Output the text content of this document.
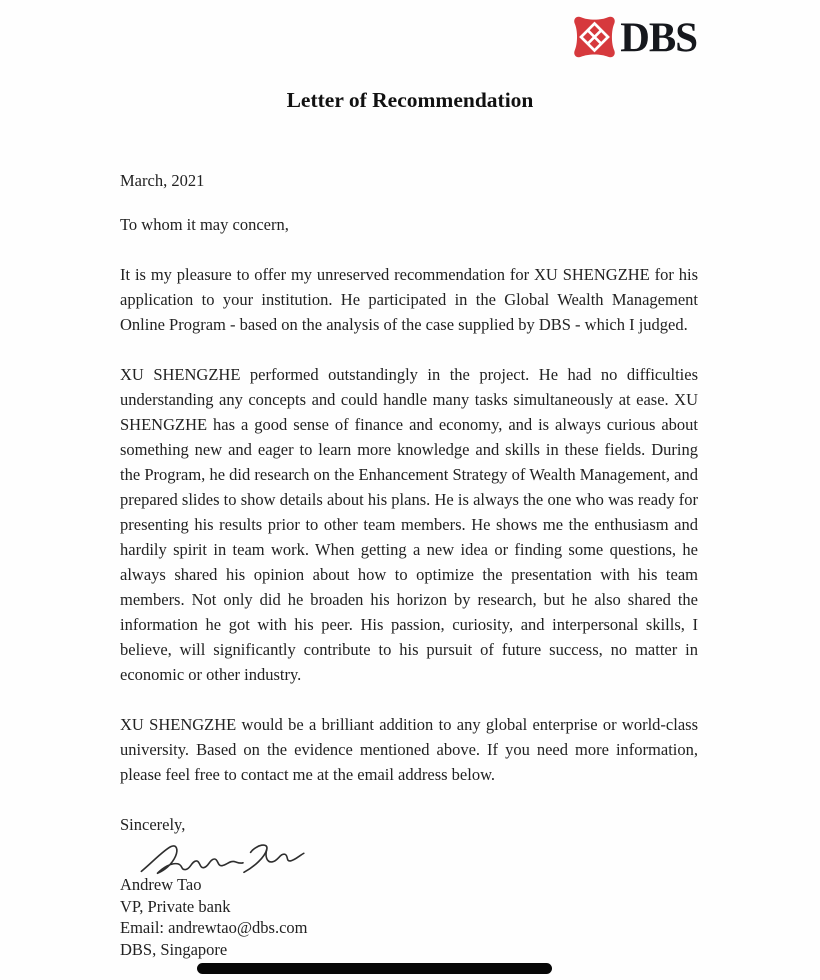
DBS
Letter of Recommendation

March, 2021

To whom it may concern,

It is my pleasure to offer my unreserved recommendation for XU SHENGZHE for his application to your institution. He participated in the Global Wealth Management Online Program - based on the analysis of the case supplied by DBS - which I judged.

XU SHENGZHE performed outstandingly in the project. He had no difficulties understanding any concepts and could handle many tasks simultaneously at ease. XU SHENGZHE has a good sense of finance and economy, and is always curious about something new and eager to learn more knowledge and skills in these fields. During the Program, he did research on the Enhancement Strategy of Wealth Management, and prepared slides to show details about his plans. He is always the one who was ready for presenting his results prior to other team members. He shows me the enthusiasm and hardily spirit in team work. When getting a new idea or finding some questions, he always shared his opinion about how to optimize the presentation with his team members. Not only did he broaden his horizon by research, but he also shared the information he got with his peer. His passion, curiosity, and interpersonal skills, I believe, will significantly contribute to his pursuit of future success, no matter in economic or other industry.

XU SHENGZHE would be a brilliant addition to any global enterprise or world-class university. Based on the evidence mentioned above. If you need more information, please feel free to contact me at the email address below.

Sincerely,

Andrew Tao

VP, Private bank

Email: andrewtao@dbs.com

DBS, Singapore
